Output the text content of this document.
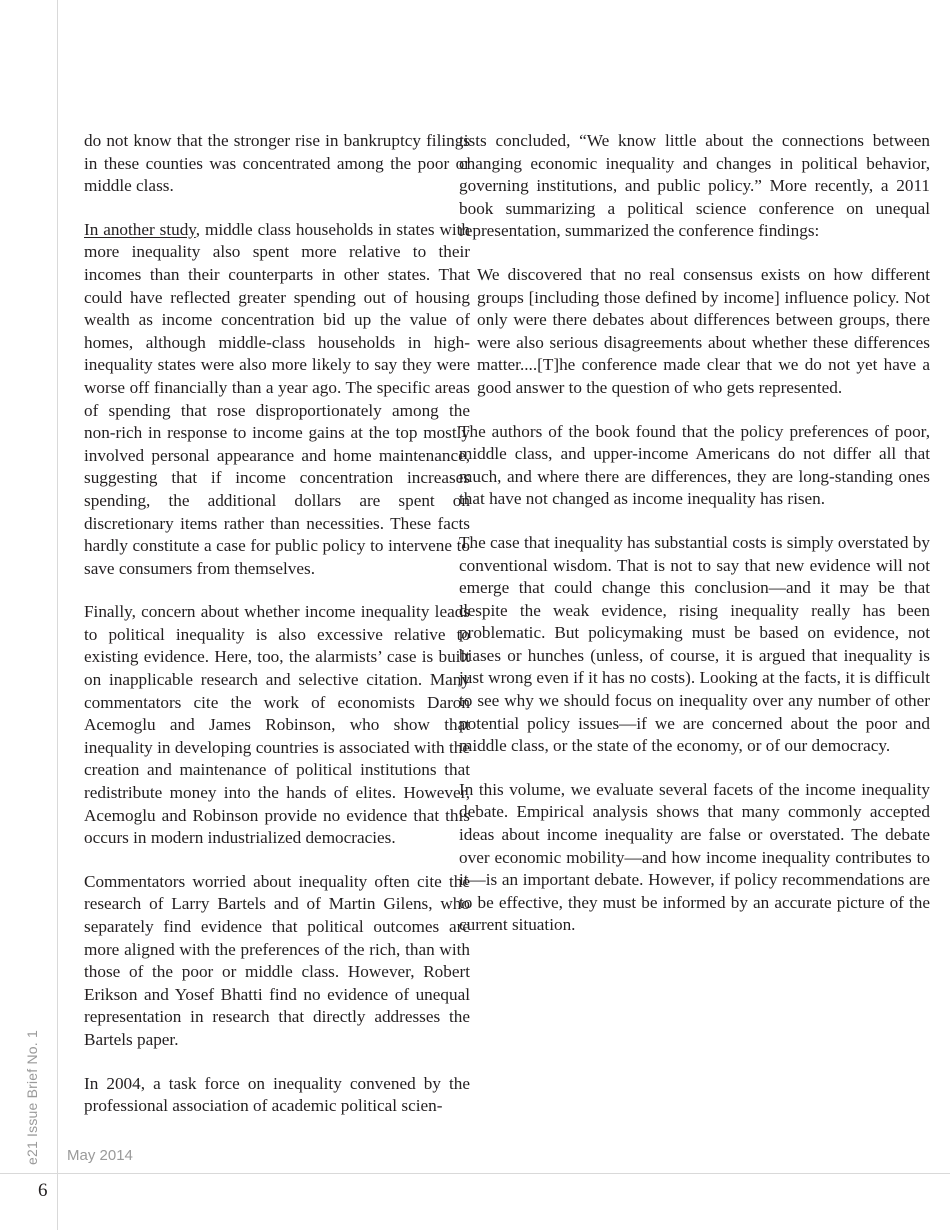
do not know that the stronger rise in bankruptcy filings in these counties was concentrated among the poor or middle class.

In another study, middle class households in states with more inequality also spent more relative to their incomes than their counterparts in other states. That could have reflected greater spending out of housing wealth as income concentration bid up the value of homes, although middle-class households in high-inequality states were also more likely to say they were worse off financially than a year ago. The specific areas of spending that rose disproportionately among the non-rich in response to income gains at the top mostly involved personal appearance and home maintenance, suggesting that if income concentration increases spending, the additional dollars are spent on discretionary items rather than necessities. These facts hardly constitute a case for public policy to intervene to save consumers from themselves.

Finally, concern about whether income inequality leads to political inequality is also excessive relative to existing evidence. Here, too, the alarmists’ case is built on inapplicable research and selective citation. Many commentators cite the work of economists Daron Acemoglu and James Robinson, who show that inequality in developing countries is associated with the creation and maintenance of political institutions that redistribute money into the hands of elites. However, Acemoglu and Robinson provide no evidence that this occurs in modern industrialized democracies.

Commentators worried about inequality often cite the research of Larry Bartels and of Martin Gilens, who separately find evidence that political outcomes are more aligned with the preferences of the rich, than with those of the poor or middle class. However, Robert Erikson and Yosef Bhatti find no evidence of unequal representation in research that directly addresses the Bartels paper.

In 2004, a task force on inequality convened by the professional association of academic political scien-

tists concluded, “We know little about the connections between changing economic inequality and changes in political behavior, governing institutions, and public policy.” More recently, a 2011 book summarizing a political science conference on unequal representation, summarized the conference findings:

We discovered that no real consensus exists on how different groups [including those defined by income] influence policy. Not only were there debates about differences between groups, there were also serious disagreements about whether these differences matter....[T]he conference made clear that we do not yet have a good answer to the question of who gets represented.

The authors of the book found that the policy preferences of poor, middle class, and upper-income Americans do not differ all that much, and where there are differences, they are long-standing ones that have not changed as income inequality has risen.

The case that inequality has substantial costs is simply overstated by conventional wisdom. That is not to say that new evidence will not emerge that could change this conclusion—and it may be that despite the weak evidence, rising inequality really has been problematic. But policymaking must be based on evidence, not biases or hunches (unless, of course, it is argued that inequality is just wrong even if it has no costs). Looking at the facts, it is difficult to see why we should focus on inequality over any number of other potential policy issues—if we are concerned about the poor and middle class, or the state of the economy, or of our democracy.

In this volume, we evaluate several facets of the income inequality debate. Empirical analysis shows that many commonly accepted ideas about income inequality are false or overstated. The debate over economic mobility—and how income inequality contributes to it—is an important debate. However, if policy recommendations are to be effective, they must be informed by an accurate picture of the current situation.

e21 Issue Brief No. 1 May 2014
6
